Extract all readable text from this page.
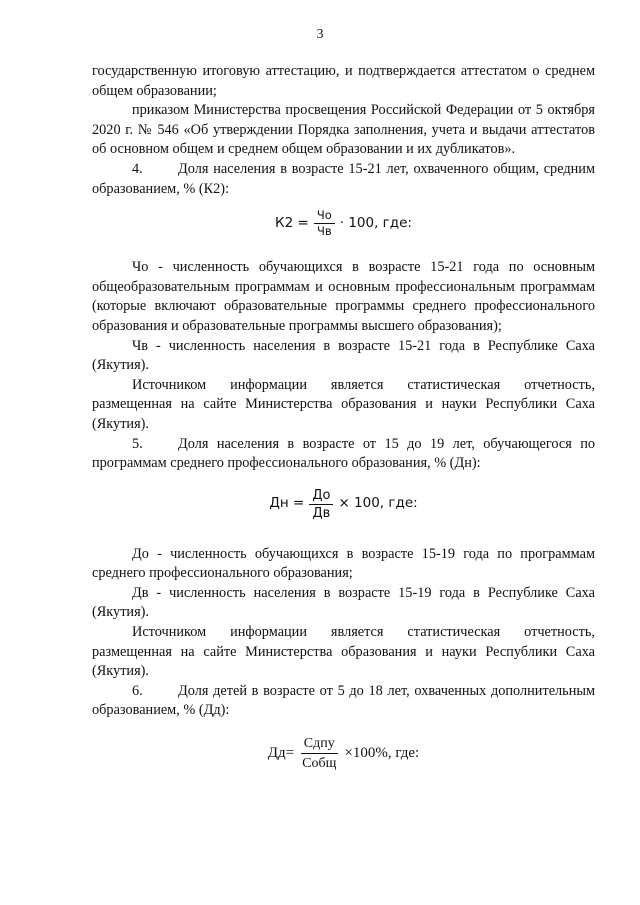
3

государственную итоговую аттестацию, и подтверждается аттестатом о среднем общем образовании;

приказом Министерства просвещения Российской Федерации от 5 октября 2020 г. № 546 «Об утверждении Порядка заполнения, учета и выдачи аттестатов об основном общем и среднем общем образовании и их дубликатов».

4. Доля населения в возрасте 15-21 лет, охваченного общим, средним образованием, % (К2):

$К2 = \frac{Чо}{Чв} \cdot 100$, где:

Чо - численность обучающихся в возрасте 15-21 года по основным общеобразовательным программам и основным профессиональным программам (которые включают образовательные программы среднего профессионального образования и образовательные программы высшего образования);

Чв - численность населения в возрасте 15-21 года в Республике Саха (Якутия).

Источником информации является статистическая отчетность, размещенная на сайте Министерства образования и науки Республики Саха (Якутия).

5. Доля населения в возрасте от 15 до 19 лет, обучающегося по программам среднего профессионального образования, % (Дн):

Дн = $\frac{До}{Дв} \times 100$, где:

До - численность обучающихся в возрасте 15-19 года по программам среднего профессионального образования;

Дв - численность населения в возрасте 15-19 года в Республике Саха (Якутия).

Источником информации является статистическая отчетность, размещенная на сайте Министерства образования и науки Республики Саха (Якутия).

6. Доля детей в возрасте от 5 до 18 лет, охваченных дополнительным образованием, % (Дд):

$Дд= \frac{\text{Сдпу}}{\text{Собщ}} \times 100\%$, где:
